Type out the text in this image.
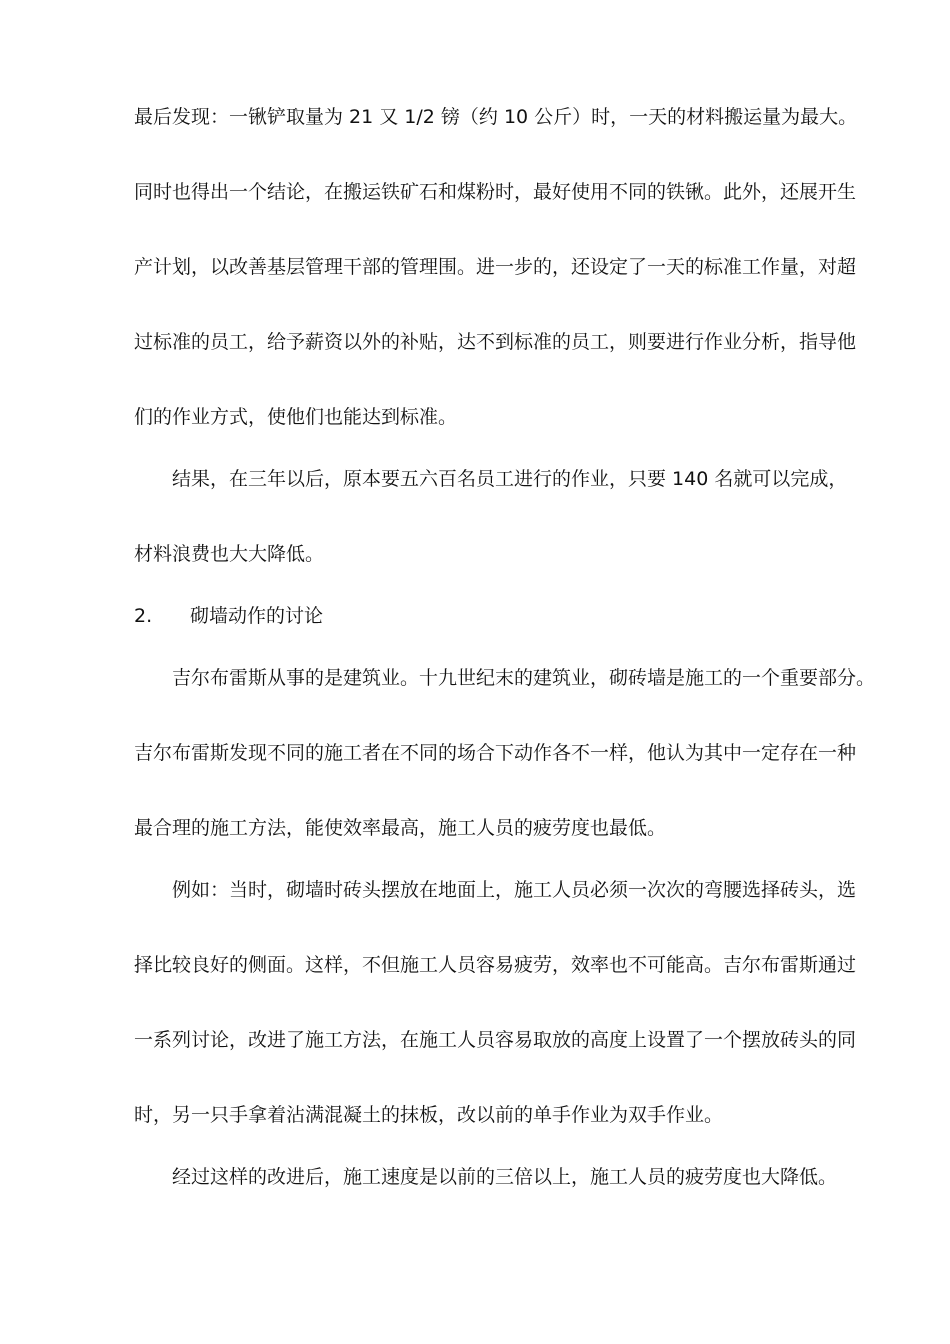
最后发现：一锹铲取量为 21 又 1/2 镑（约 10 公斤）时，一天的材料搬运量为最大。
同时也得出一个结论，在搬运铁矿石和煤粉时，最好使用不同的铁锹。此外，还展开生
产计划，以改善基层管理干部的管理围。进一步的，还设定了一天的标准工作量，对超
过标准的员工，给予薪资以外的补贴，达不到标准的员工，则要进行作业分析，指导他
们的作业方式，使他们也能达到标准。
结果，在三年以后，原本要五六百名员工进行的作业，只要 140 名就可以完成，
材料浪费也大大降低。
2. 砌墙动作的讨论
吉尔布雷斯从事的是建筑业。十九世纪末的建筑业，砌砖墙是施工的一个重要部分。
吉尔布雷斯发现不同的施工者在不同的场合下动作各不一样，他认为其中一定存在一种
最合理的施工方法，能使效率最高，施工人员的疲劳度也最低。
例如：当时，砌墙时砖头摆放在地面上，施工人员必须一次次的弯腰选择砖头，选
择比较良好的侧面。这样，不但施工人员容易疲劳，效率也不可能高。吉尔布雷斯通过
一系列讨论，改进了施工方法，在施工人员容易取放的高度上设置了一个摆放砖头的同
时，另一只手拿着沾满混凝土的抹板，改以前的单手作业为双手作业。
经过这样的改进后，施工速度是以前的三倍以上，施工人员的疲劳度也大降低。
